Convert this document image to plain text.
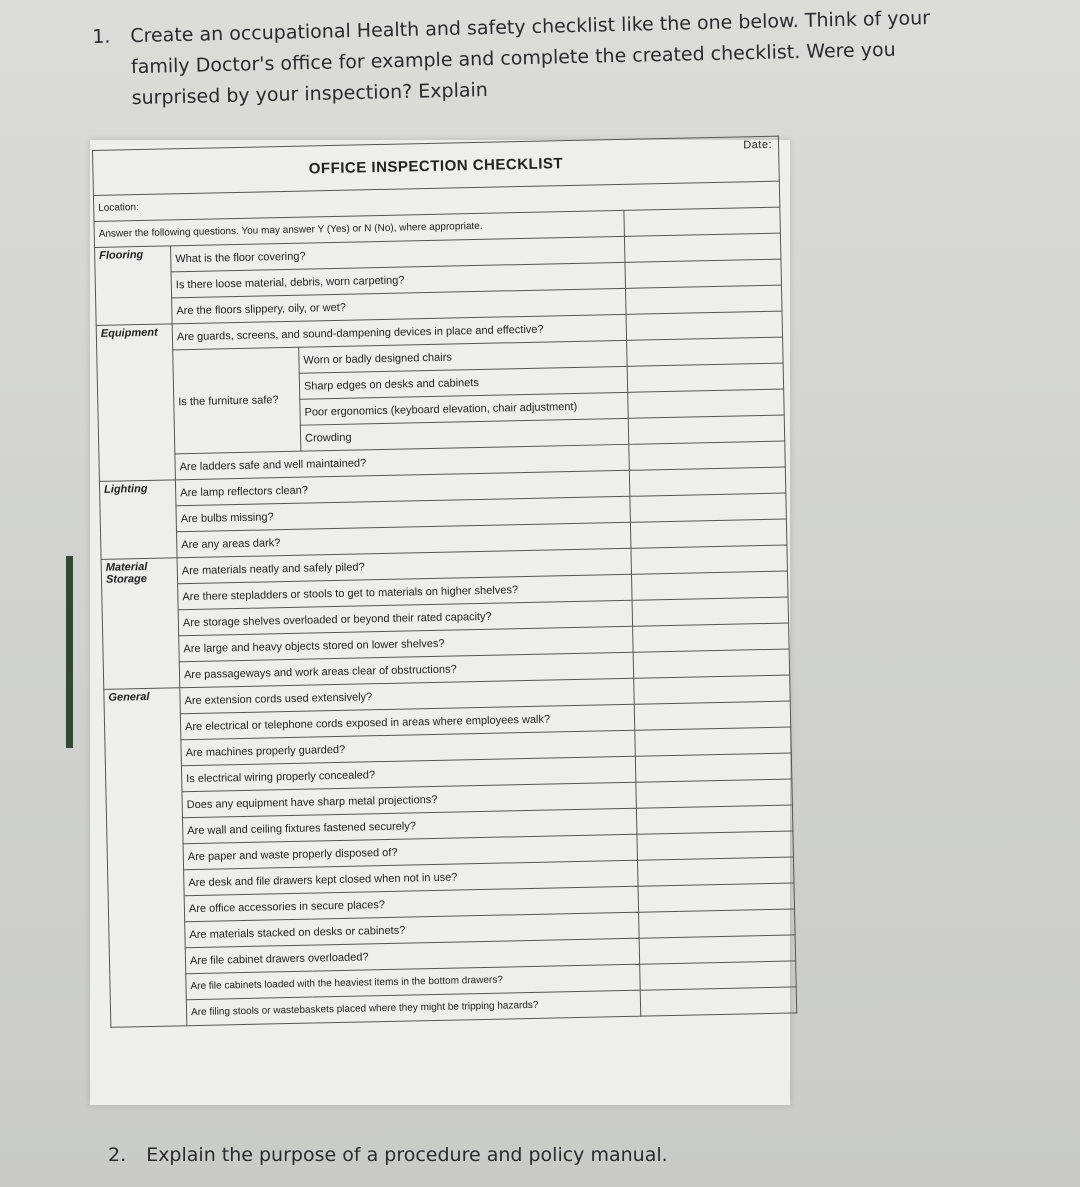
1. Create an occupational Health and safety checklist like the one below. Think of your family Doctor's office for example and complete the created checklist. Were you surprised by your inspection? Explain
OFFICE INSPECTION CHECKLIST
Date:			

Location:			
Answer the following questions. You may answer Y (Yes) or N (No), where appropriate.			
Flooring	What is the floor covering?		
	Is there loose material, debris, worn carpeting?		
	Are the floors slippery, oily, or wet?		
Equipment	Are guards, screens, and sound-dampening devices in place and effective?		
	Is the furniture safe?	Worn or badly designed chairs	
		Sharp edges on desks and cabinets	
		Poor ergonomics (keyboard elevation, chair adjustment)	
		Crowding	
	Are ladders safe and well maintained?		
Lighting	Are lamp reflectors clean?		
	Are bulbs missing?		
	Are any areas dark?		
Material Storage	Are materials neatly and safely piled?		
	Are there stepladders or stools to get to materials on higher shelves?		
	Are storage shelves overloaded or beyond their rated capacity?		
	Are large and heavy objects stored on lower shelves?		
	Are passageways and work areas clear of obstructions?		
General	Are extension cords used extensively?		
	Are electrical or telephone cords exposed in areas where employees walk?		
	Are machines properly guarded?		
	Is electrical wiring properly concealed?		
	Does any equipment have sharp metal projections?		
	Are wall and ceiling fixtures fastened securely?		
	Are paper and waste properly disposed of?		
	Are desk and file drawers kept closed when not in use?		
	Are office accessories in secure places?		
	Are materials stacked on desks or cabinets?		
	Are file cabinet drawers overloaded?		
	Are file cabinets loaded with the heaviest items in the bottom drawers?		
	Are filing stools or wastebaskets placed where they might be tripping hazards?		
2. Explain the purpose of a procedure and policy manual.
